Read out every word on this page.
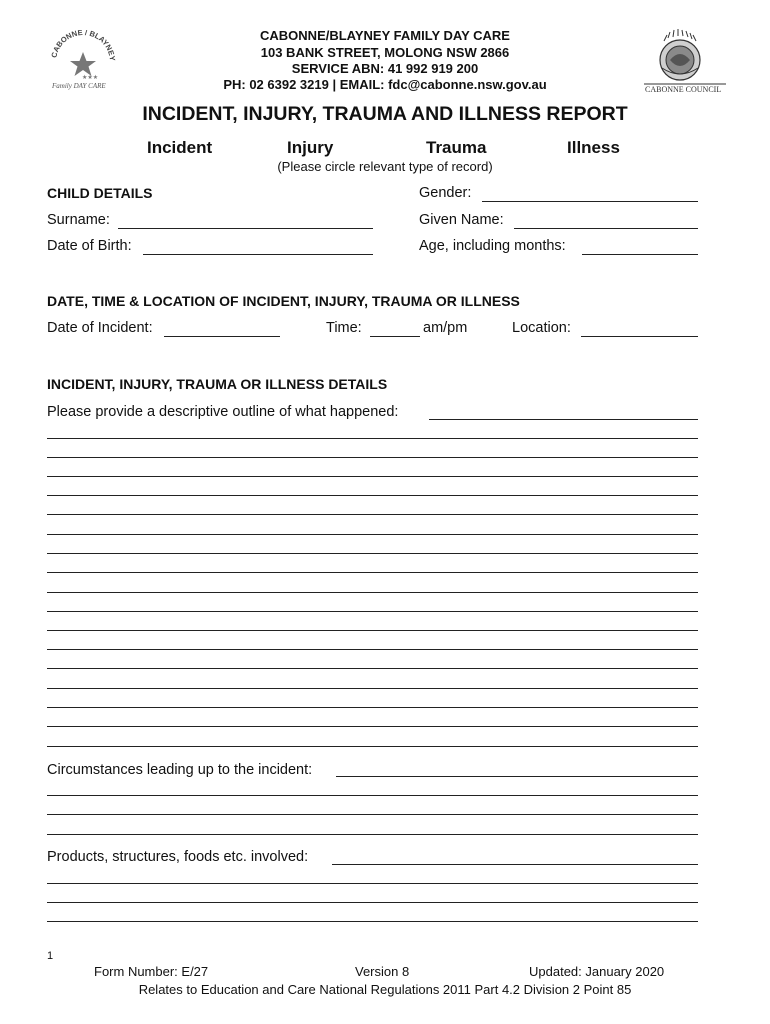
CABONNE / BLAYNEY
★★★
Family DAY CARE
CABONNE/BLAYNEY FAMILY DAY CARE
103 BANK STREET, MOLONG NSW 2866
SERVICE ABN: 41 992 919 200
PH: 02 6392 3219 | EMAIL: fdc@cabonne.nsw.gov.au	CABONNE COUNCIL
INCIDENT, INJURY, TRAUMA AND ILLNESS REPORT
Incident	Injury	Trauma	Illness
(Please circle relevant type of record)
CHILD DETAILS	Gender:
Surname:	Given Name:
Date of Birth:	Age, including months:
DATE, TIME & LOCATION OF INCIDENT, INJURY, TRAUMA OR ILLNESS
Date of Incident:	Time:	am/pm	Location:
INCIDENT, INJURY, TRAUMA OR ILLNESS DETAILS
Please provide a descriptive outline of what happened:
Circumstances leading up to the incident:
Products, structures, foods etc. involved:
1
Form Number: E/27	Version 8	Updated: January 2020
Relates to Education and Care National Regulations 2011 Part 4.2 Division 2 Point 85
